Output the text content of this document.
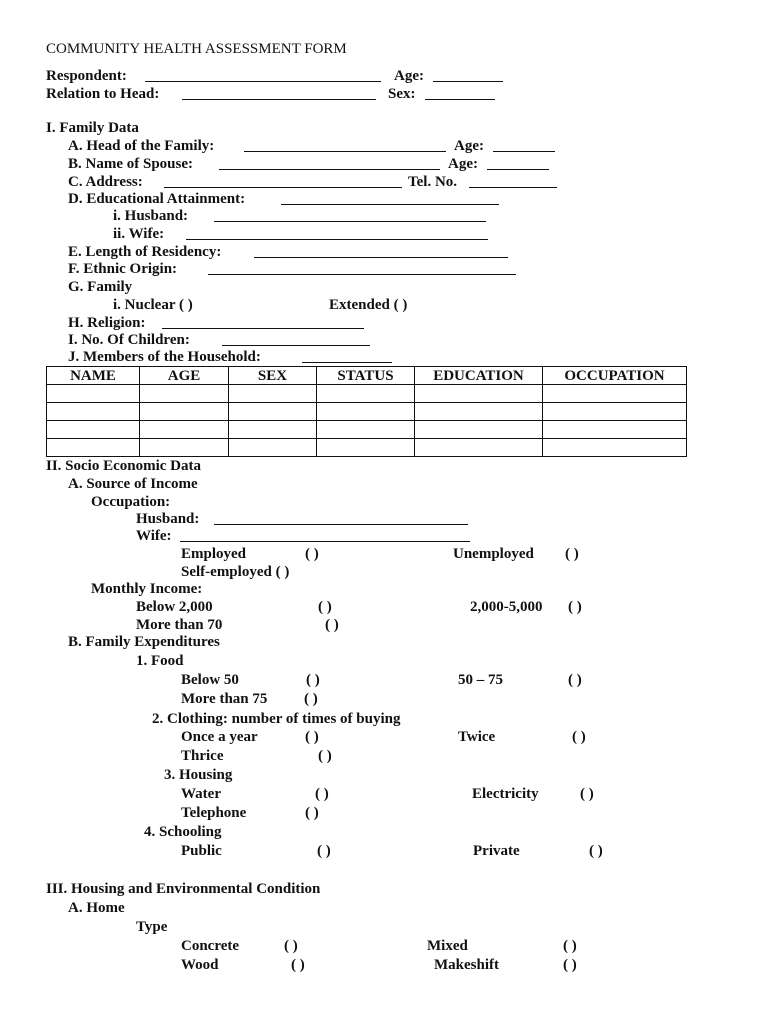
COMMUNITY HEALTH ASSESSMENT FORM
Respondent:	Age:
Relation to Head:	Sex:
I. Family Data
A. Head of the Family:	Age:
B. Name of Spouse:	Age:
C. Address:	Tel. No.
D. Educational Attainment:
i. Husband:
ii. Wife:
E. Length of Residency:
F. Ethnic Origin:
G. Family
i. Nuclear ( )	Extended ( )
H. Religion:
I. No. Of Children:
J. Members of the Household:
NAME	AGE	SEX	STATUS	EDUCATION	OCCUPATION

II. Socio Economic Data
A. Source of Income
Occupation:
Husband:
Wife:
Employed	( )	Unemployed ( )
Self-employed ( )
Monthly Income:
Below 2,000	( )	2,000-5,000 ( )
More than 70	( )
B. Family Expenditures
1. Food
Below 50	( )	50 – 75	( )
More than 75 ( )
2. Clothing: number of times of buying
Once a year	( )	Twice	( )
Thrice	( )
3. Housing
Water	( )	Electricity	( )
Telephone	( )
4. Schooling
Public	( )	Private	( )
III. Housing and Environmental Condition
A. Home
Type
Concrete	( )	Mixed	( )
Wood	( )	Makeshift	( )
